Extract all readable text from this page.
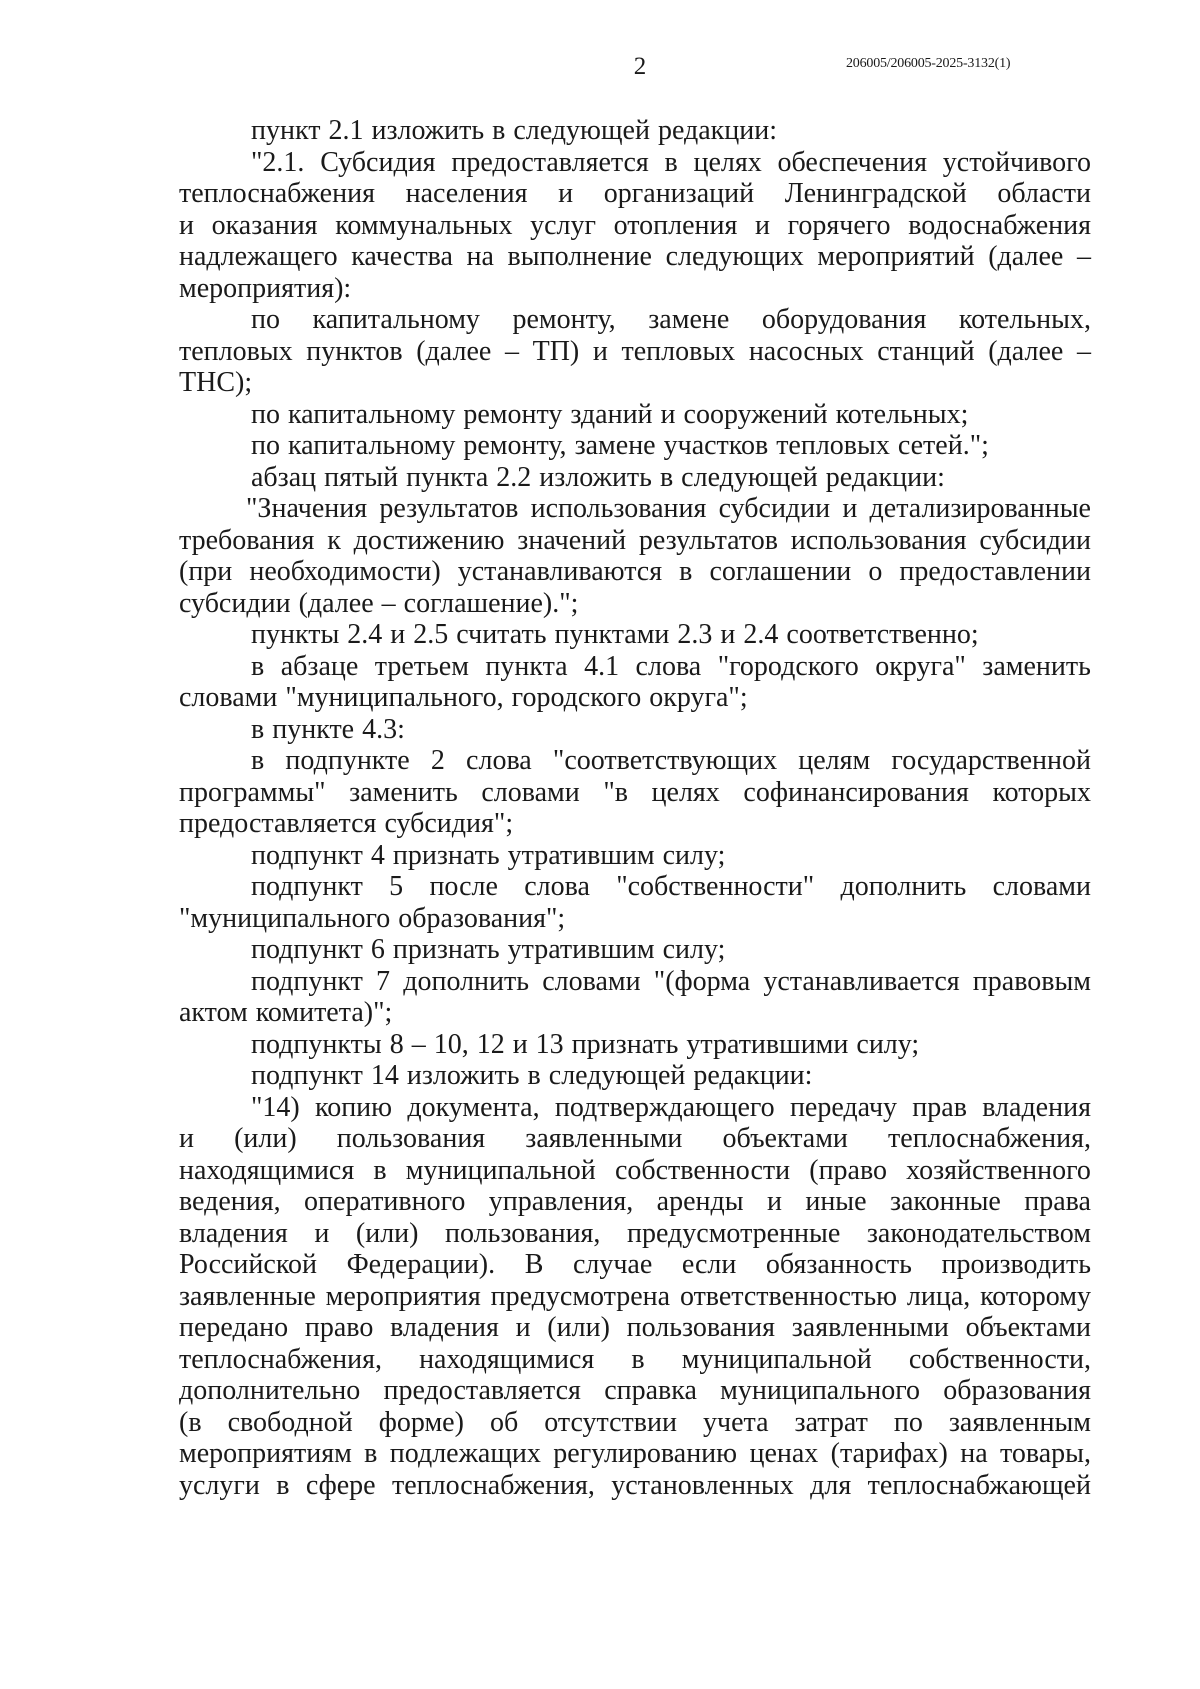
2	206005/206005-2025-3132(1)
пункт 2.1 изложить в следующей редакции:
"2.1. Субсидия предоставляется в целях обеспечения устойчивого
теплоснабжения населения и организаций Ленинградской области
и оказания коммунальных услуг отопления и горячего водоснабжения
надлежащего качества на выполнение следующих мероприятий (далее –
мероприятия):
по капитальному ремонту, замене оборудования котельных,
тепловых пунктов (далее – ТП) и тепловых насосных станций (далее –
ТНС);
по капитальному ремонту зданий и сооружений котельных;
по капитальному ремонту, замене участков тепловых сетей.";
абзац пятый пункта 2.2 изложить в следующей редакции:
"Значения результатов использования субсидии и детализированные
требования к достижению значений результатов использования субсидии
(при необходимости) устанавливаются в соглашении о предоставлении
субсидии (далее – соглашение).";
пункты 2.4 и 2.5 считать пунктами 2.3 и 2.4 соответственно;
в абзаце третьем пункта 4.1 слова "городского округа" заменить
словами "муниципального, городского округа";
в пункте 4.3:
в подпункте 2 слова "соответствующих целям государственной
программы" заменить словами "в целях софинансирования которых
предоставляется субсидия";
подпункт 4 признать утратившим силу;
подпункт 5 после слова "собственности" дополнить словами
"муниципального образования";
подпункт 6 признать утратившим силу;
подпункт 7 дополнить словами "(форма устанавливается правовым
актом комитета)";
подпункты 8 – 10, 12 и 13 признать утратившими силу;
подпункт 14 изложить в следующей редакции:
"14) копию документа, подтверждающего передачу прав владения
и (или) пользования заявленными объектами теплоснабжения,
находящимися в муниципальной собственности (право хозяйственного
ведения, оперативного управления, аренды и иные законные права
владения и (или) пользования, предусмотренные законодательством
Российской Федерации). В случае если обязанность производить
заявленные мероприятия предусмотрена ответственностью лица, которому
передано право владения и (или) пользования заявленными объектами
теплоснабжения, находящимися в муниципальной собственности,
дополнительно предоставляется справка муниципального образования
(в свободной форме) об отсутствии учета затрат по заявленным
мероприятиям в подлежащих регулированию ценах (тарифах) на товары,
услуги в сфере теплоснабжения, установленных для теплоснабжающей
